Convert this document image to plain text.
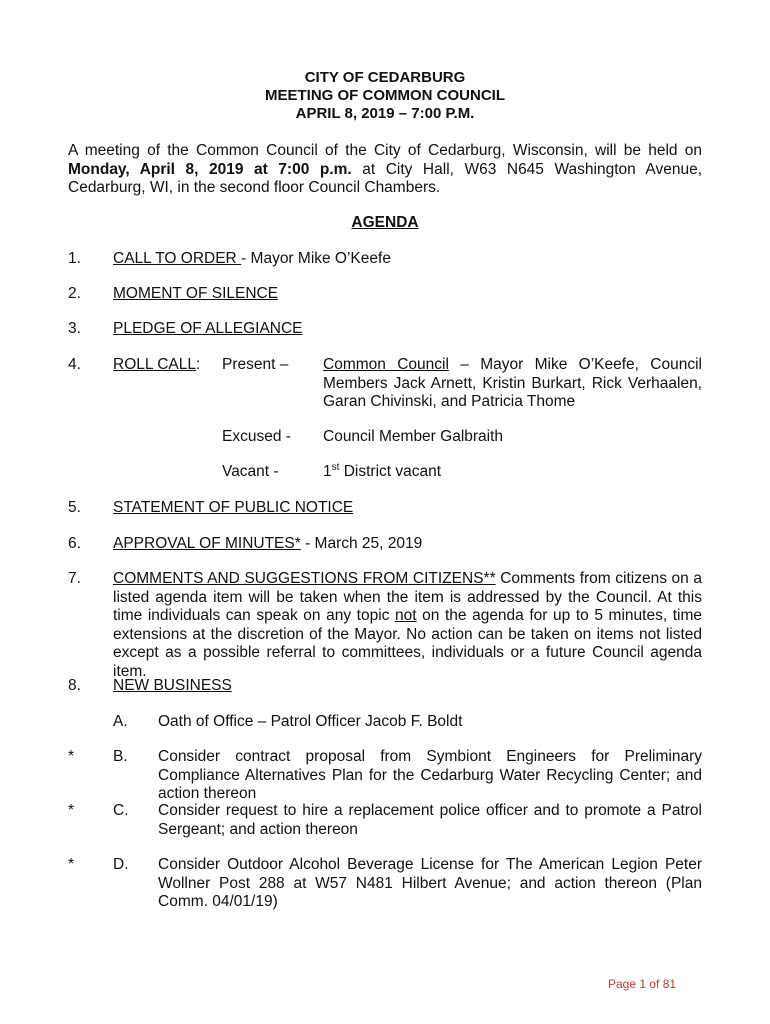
CITY OF CEDARBURG
MEETING OF COMMON COUNCIL
APRIL 8, 2019 – 7:00 P.M.
A meeting of the Common Council of the City of Cedarburg, Wisconsin, will be held on Monday, April 8, 2019 at 7:00 p.m. at City Hall, W63 N645 Washington Avenue, Cedarburg, WI, in the second floor Council Chambers.
AGENDA
1. CALL TO ORDER - Mayor Mike O’Keefe
2. MOMENT OF SILENCE
3. PLEDGE OF ALLEGIANCE
4. ROLL CALL: Present – Common Council – Mayor Mike O’Keefe, Council Members Jack Arnett, Kristin Burkart, Rick Verhaalen, Garan Chivinski, and Patricia Thome
Excused - Council Member Galbraith
Vacant -	1st District vacant
5. STATEMENT OF PUBLIC NOTICE
6. APPROVAL OF MINUTES* - March 25, 2019
7. COMMENTS AND SUGGESTIONS FROM CITIZENS** Comments from citizens on a listed agenda item will be taken when the item is addressed by the Council. At this time individuals can speak on any topic not on the agenda for up to 5 minutes, time extensions at the discretion of the Mayor. No action can be taken on items not listed except as a possible referral to committees, individuals or a future Council agenda item.
8. NEW BUSINESS
A. Oath of Office – Patrol Officer Jacob F. Boldt
*	B. Consider contract proposal from Symbiont Engineers for Preliminary Compliance Alternatives Plan for the Cedarburg Water Recycling Center; and action thereon
*	C. Consider request to hire a replacement police officer and to promote a Patrol Sergeant; and action thereon
*	D. Consider Outdoor Alcohol Beverage License for The American Legion Peter Wollner Post 288 at W57 N481 Hilbert Avenue; and action thereon (Plan Comm. 04/01/19)
Page 1 of 81
